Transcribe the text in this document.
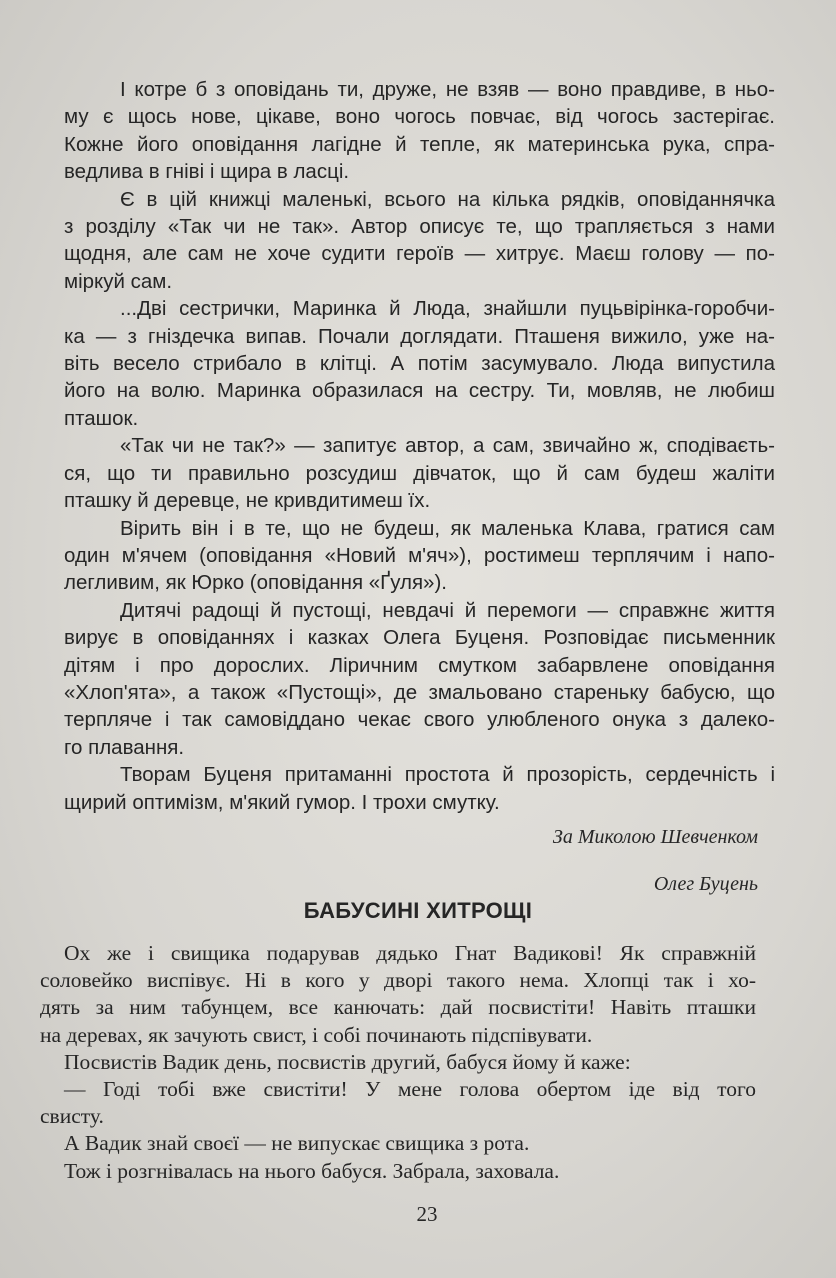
І котре б з оповідань ти, друже, не взяв — воно правдиве, в ньо-
му є щось нове, цікаве, воно чогось повчає, від чогось застерігає.
Кожне його оповідання лагідне й тепле, як материнська рука, спра-
ведлива в гніві і щира в ласці.
Є в цій книжці маленькі, всього на кілька рядків, оповіданнячка
з розділу «Так чи не так». Автор описує те, що трапляється з нами
щодня, але сам не хоче судити героїв — хитрує. Маєш голову — по-
міркуй сам.
...Дві сестрички, Маринка й Люда, знайшли пуцьвірінка-горобчи-
ка — з гніздечка випав. Почали доглядати. Пташеня вижило, уже на-
віть весело стрибало в клітці. А потім засумувало. Люда випустила
його на волю. Маринка образилася на сестру. Ти, мовляв, не любиш
пташок.
«Так чи не так?» — запитує автор, а сам, звичайно ж, сподіваєть-
ся, що ти правильно розсудиш дівчаток, що й сам будеш жаліти
пташку й деревце, не кривдитимеш їх.
Вірить він і в те, що не будеш, як маленька Клава, гратися сам
один м'ячем (оповідання «Новий м'яч»), ростимеш терплячим і напо-
легливим, як Юрко (оповідання «Ґуля»).
Дитячі радощі й пустощі, невдачі й перемоги — справжнє життя
вирує в оповіданнях і казках Олега Буценя. Розповідає письменник
дітям і про дорослих. Ліричним смутком забарвлене оповідання
«Хлоп'ята», а також «Пустощі», де змальовано стареньку бабусю, що
терпляче і так самовіддано чекає свого улюбленого онука з далеко-
го плавання.
Творам Буценя притаманні простота й прозорість, сердечність і
щирий оптимізм, м'який гумор. І трохи смутку.
За Миколою Шевченком
Олег Буцень
БАБУСИНІ ХИТРОЩІ
Ох же і свищика подарував дядько Гнат Вадикові! Як справжній
соловейко виспівує. Ні в кого у дворі такого нема. Хлопці так і хо-
дять за ним табунцем, все канючать: дай посвистіти! Навіть пташки
на деревах, як зачують свист, і собі починають підспівувати.
Посвистів Вадик день, посвистів другий, бабуся йому й каже:
— Годі тобі вже свистіти! У мене голова обертом іде від того
свисту.
А Вадик знай своєї — не випускає свищика з рота.
Тож і розгнівалась на нього бабуся. Забрала, заховала.
23
